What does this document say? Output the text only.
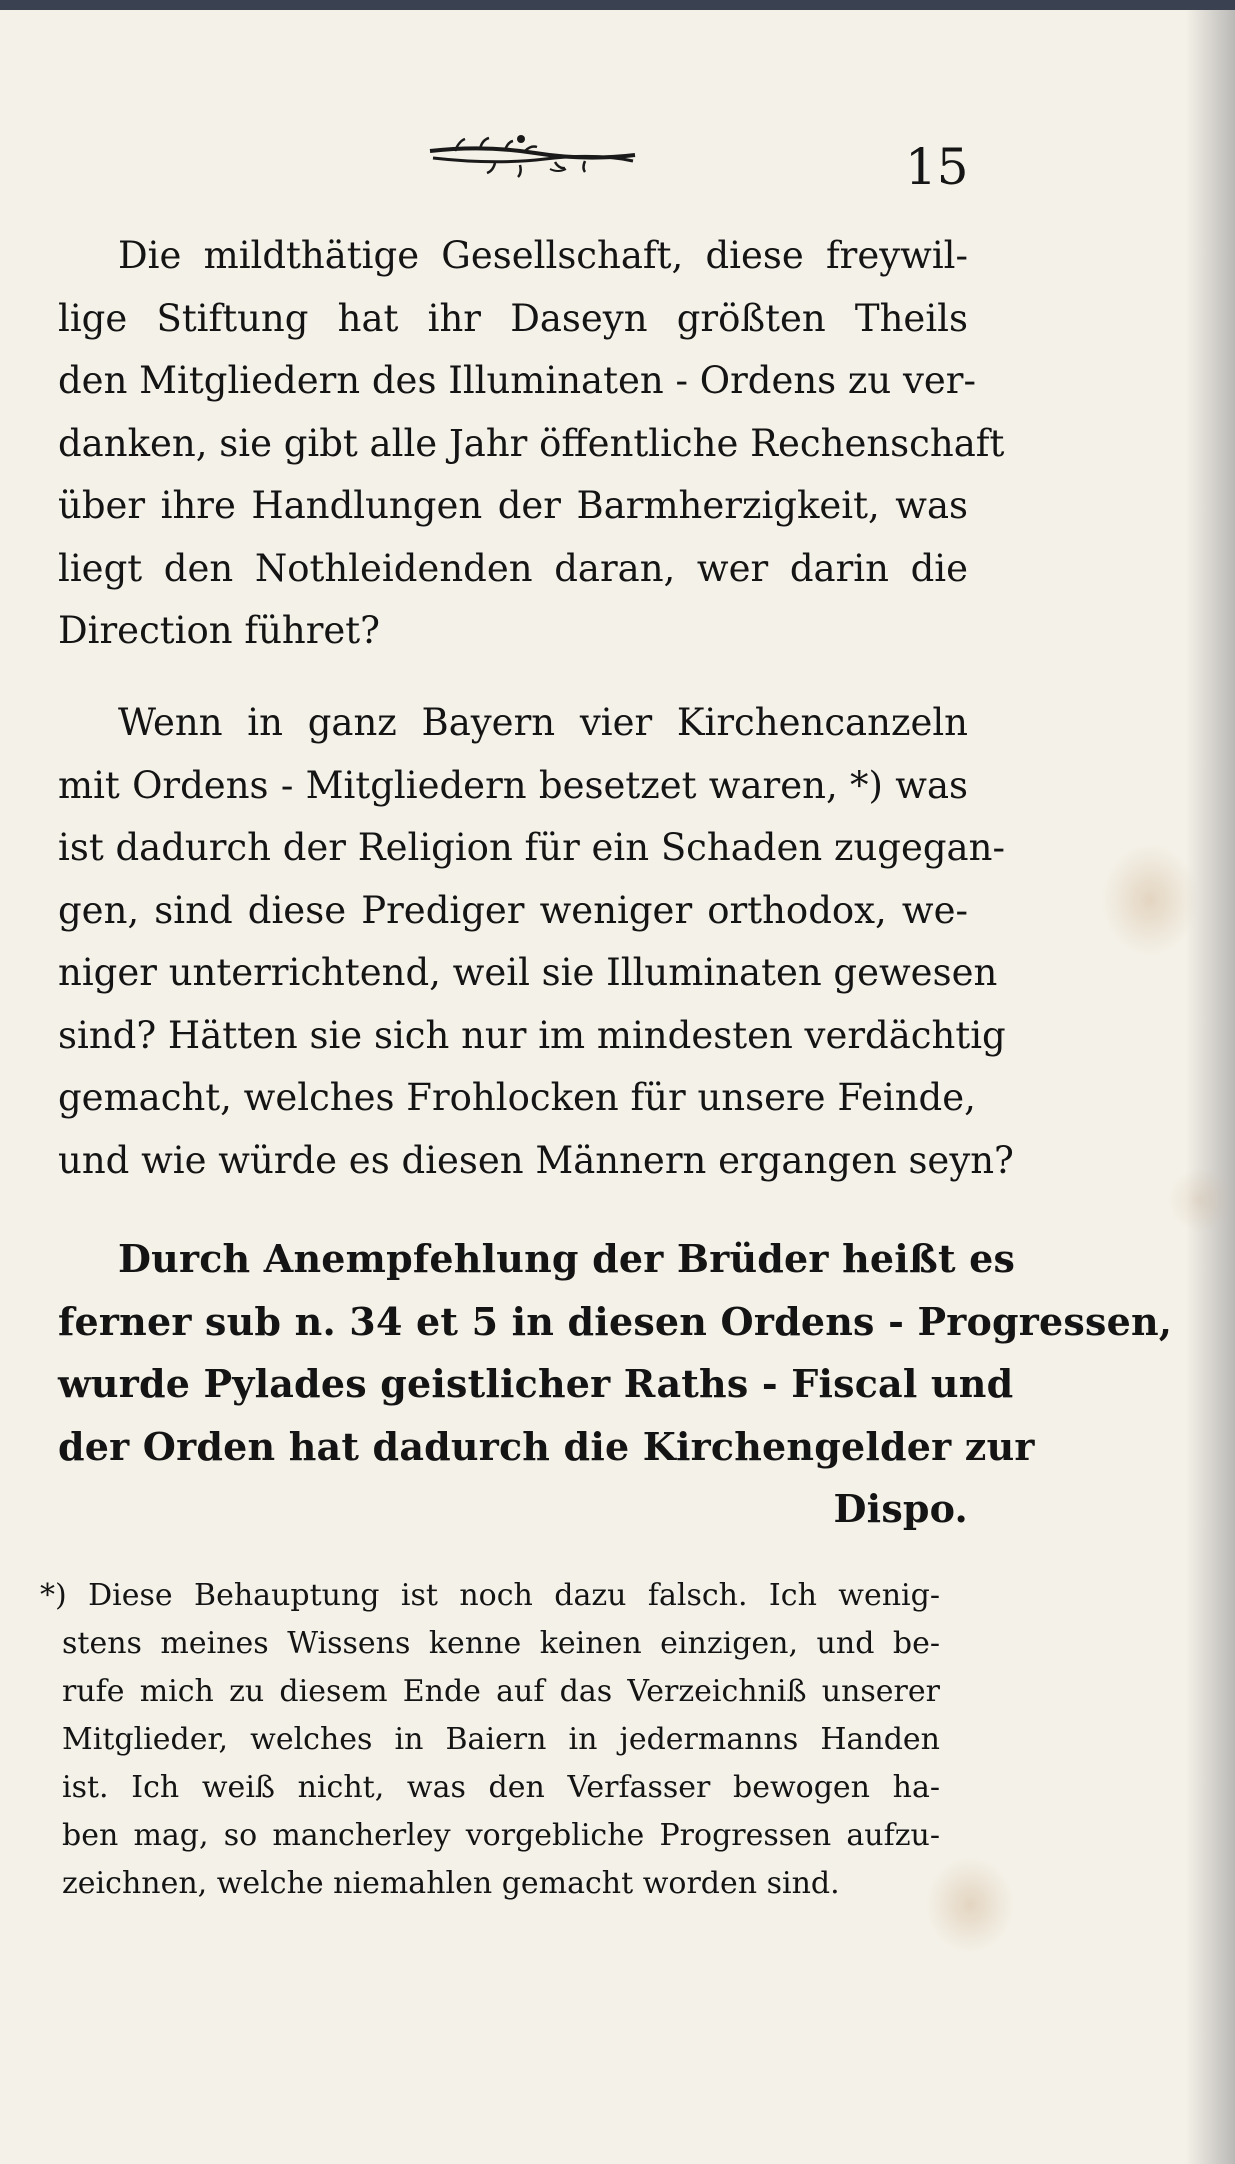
15
Die mildthätige Gesellschaft, diese freywil-
lige Stiftung hat ihr Daseyn größten Theils
den Mitgliedern des Illuminaten - Ordens zu ver-
danken, sie gibt alle Jahr öffentliche Rechenschaft
über ihre Handlungen der Barmherzigkeit, was
liegt den Nothleidenden daran, wer darin die
Direction führet?
Wenn in ganz Bayern vier Kirchencanzeln
mit Ordens - Mitgliedern besetzet waren, *) was
ist dadurch der Religion für ein Schaden zugegan-
gen, sind diese Prediger weniger orthodox, we-
niger unterrichtend, weil sie Illuminaten gewesen
sind? Hätten sie sich nur im mindesten verdächtig
gemacht, welches Frohlocken für unsere Feinde,
und wie würde es diesen Männern ergangen seyn?
Durch Anempfehlung der Brüder heißt es
ferner sub n. 34 et 5 in diesen Ordens - Progressen,
wurde Pylades geistlicher Raths - Fiscal und
der Orden hat dadurch die Kirchengelder zur
Dispo.
*) Diese Behauptung ist noch dazu falsch. Ich wenig-
stens meines Wissens kenne keinen einzigen, und be-
rufe mich zu diesem Ende auf das Verzeichniß unserer
Mitglieder, welches in Baiern in jedermanns Handen
ist. Ich weiß nicht, was den Verfasser bewogen ha-
ben mag, so mancherley vorgebliche Progressen aufzu-
zeichnen, welche niemahlen gemacht worden sind.
